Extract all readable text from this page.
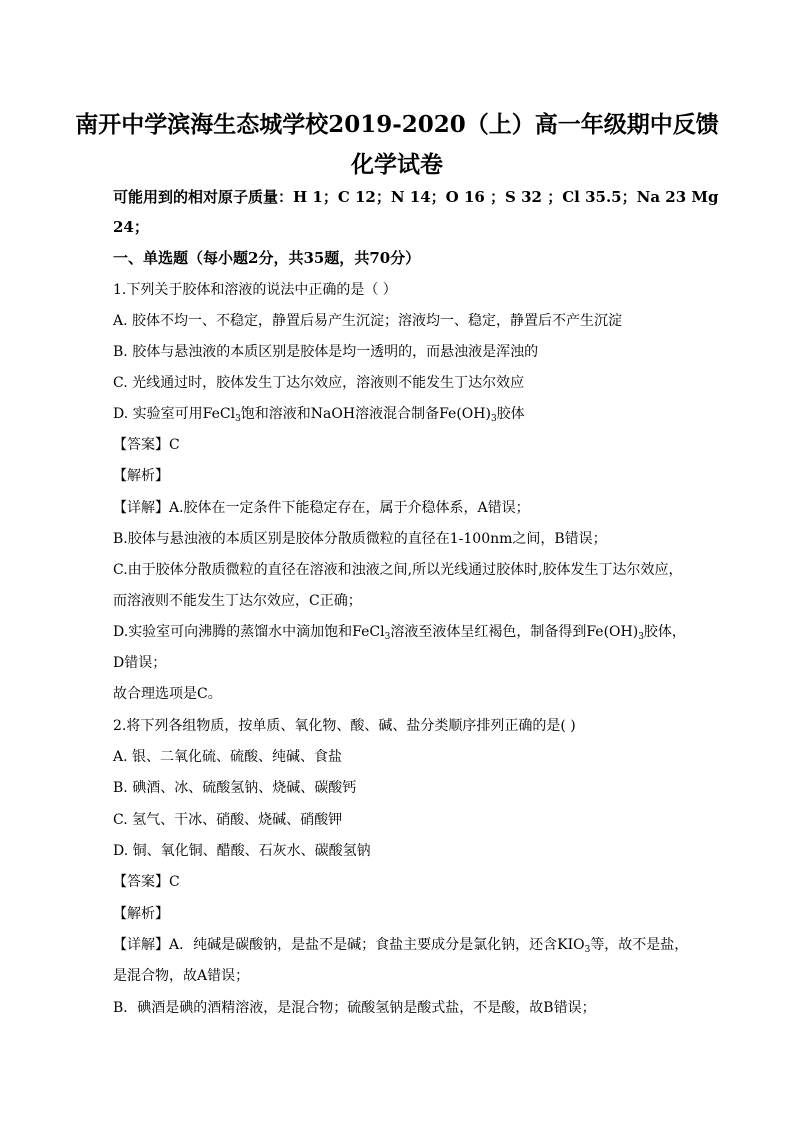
南开中学滨海生态城学校2019-2020（上）高一年级期中反馈
化学试卷
可能用到的相对原子质量：H 1；C 12；N 14；O 16 ；S 32 ；Cl 35.5；Na 23 Mg
24；
一、单选题（每小题2分，共35题，共70分）
1.下列关于胶体和溶液的说法中正确的是（ ）
A. 胶体不均一、不稳定，静置后易产生沉淀；溶液均一、稳定，静置后不产生沉淀
B. 胶体与悬浊液的本质区别是胶体是均一透明的，而悬浊液是浑浊的
C. 光线通过时，胶体发生丁达尔效应，溶液则不能发生丁达尔效应
D. 实验室可用FeCl$_3$饱和溶液和NaOH溶液混合制备$Fe(OH)_3$胶体
【答案】C
【解析】
【详解】A.胶体在一定条件下能稳定存在，属于介稳体系，A错误；
B.胶体与悬浊液的本质区别是胶体分散质微粒的直径在1-100nm之间，B错误；
C.由于胶体分散质微粒的直径在溶液和浊液之间,所以光线通过胶体时,胶体发生丁达尔效应，
而溶液则不能发生丁达尔效应，C正确；
D.实验室可向沸腾的蒸馏水中滴加饱和FeCl$_3$溶液至液体呈红褐色，制备得到$Fe(OH)_3$胶体，
D错误；
故合理选项是C。
2.将下列各组物质，按单质、氧化物、酸、碱、盐分类顺序排列正确的是( )
A. 银、二氧化硫、硫酸、纯碱、食盐
B. 碘酒、冰、硫酸氢钠、烧碱、碳酸钙
C. 氢气、干冰、硝酸、烧碱、硝酸钾
D. 铜、氧化铜、醋酸、石灰水、碳酸氢钠
【答案】C
【解析】
【详解】A．纯碱是碳酸钠，是盐不是碱；食盐主要成分是氯化钠，还含$KIO_3$等，故不是盐，
是混合物，故A错误；
B．碘酒是碘的酒精溶液，是混合物；硫酸氢钠是酸式盐，不是酸，故B错误；
